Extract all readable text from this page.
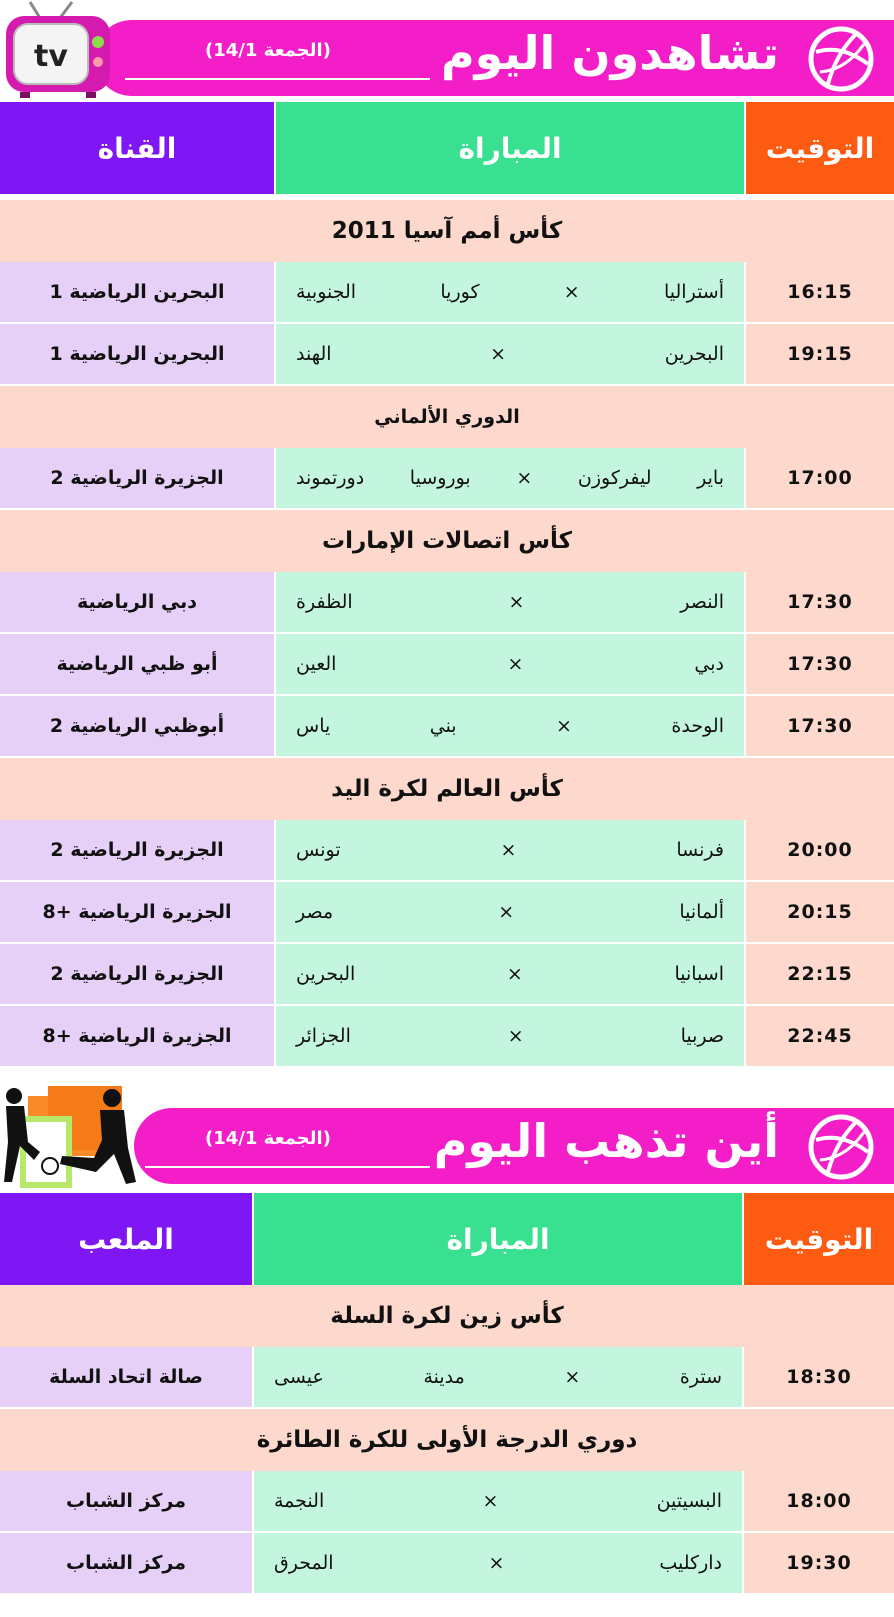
تشاهدون اليوم
(الجمعة 14/1)
tv
التوقيت
المباراة
القناة
كأس أمم آسيا 2011
16:15
أستراليا × كوريا الجنوبية
البحرين الرياضية 1
19:15
البحرين × الهند
البحرين الرياضية 1
الدوري الألماني
17:00
باير ليفركوزن × بوروسيا دورتموند
الجزيرة الرياضية 2
كأس اتصالات الإمارات
17:30
النصر × الظفرة
دبي الرياضية
17:30
دبي × العين
أبو ظبي الرياضية
17:30
الوحدة × بني ياس
أبوظبي الرياضية 2
كأس العالم لكرة اليد
20:00
فرنسا × تونس
الجزيرة الرياضية 2
20:15
ألمانيا × مصر
الجزيرة الرياضية +8
22:15
اسبانيا × البحرين
الجزيرة الرياضية 2
22:45
صربيا × الجزائر
الجزيرة الرياضية +8
أين تذهب اليوم
(الجمعة 14/1)
التوقيت
المباراة
الملعب
كأس زين لكرة السلة
18:30
سترة × مدينة عيسى
صالة اتحاد السلة
دوري الدرجة الأولى للكرة الطائرة
18:00
البسيتين × النجمة
مركز الشباب
19:30
داركليب × المحرق
مركز الشباب
